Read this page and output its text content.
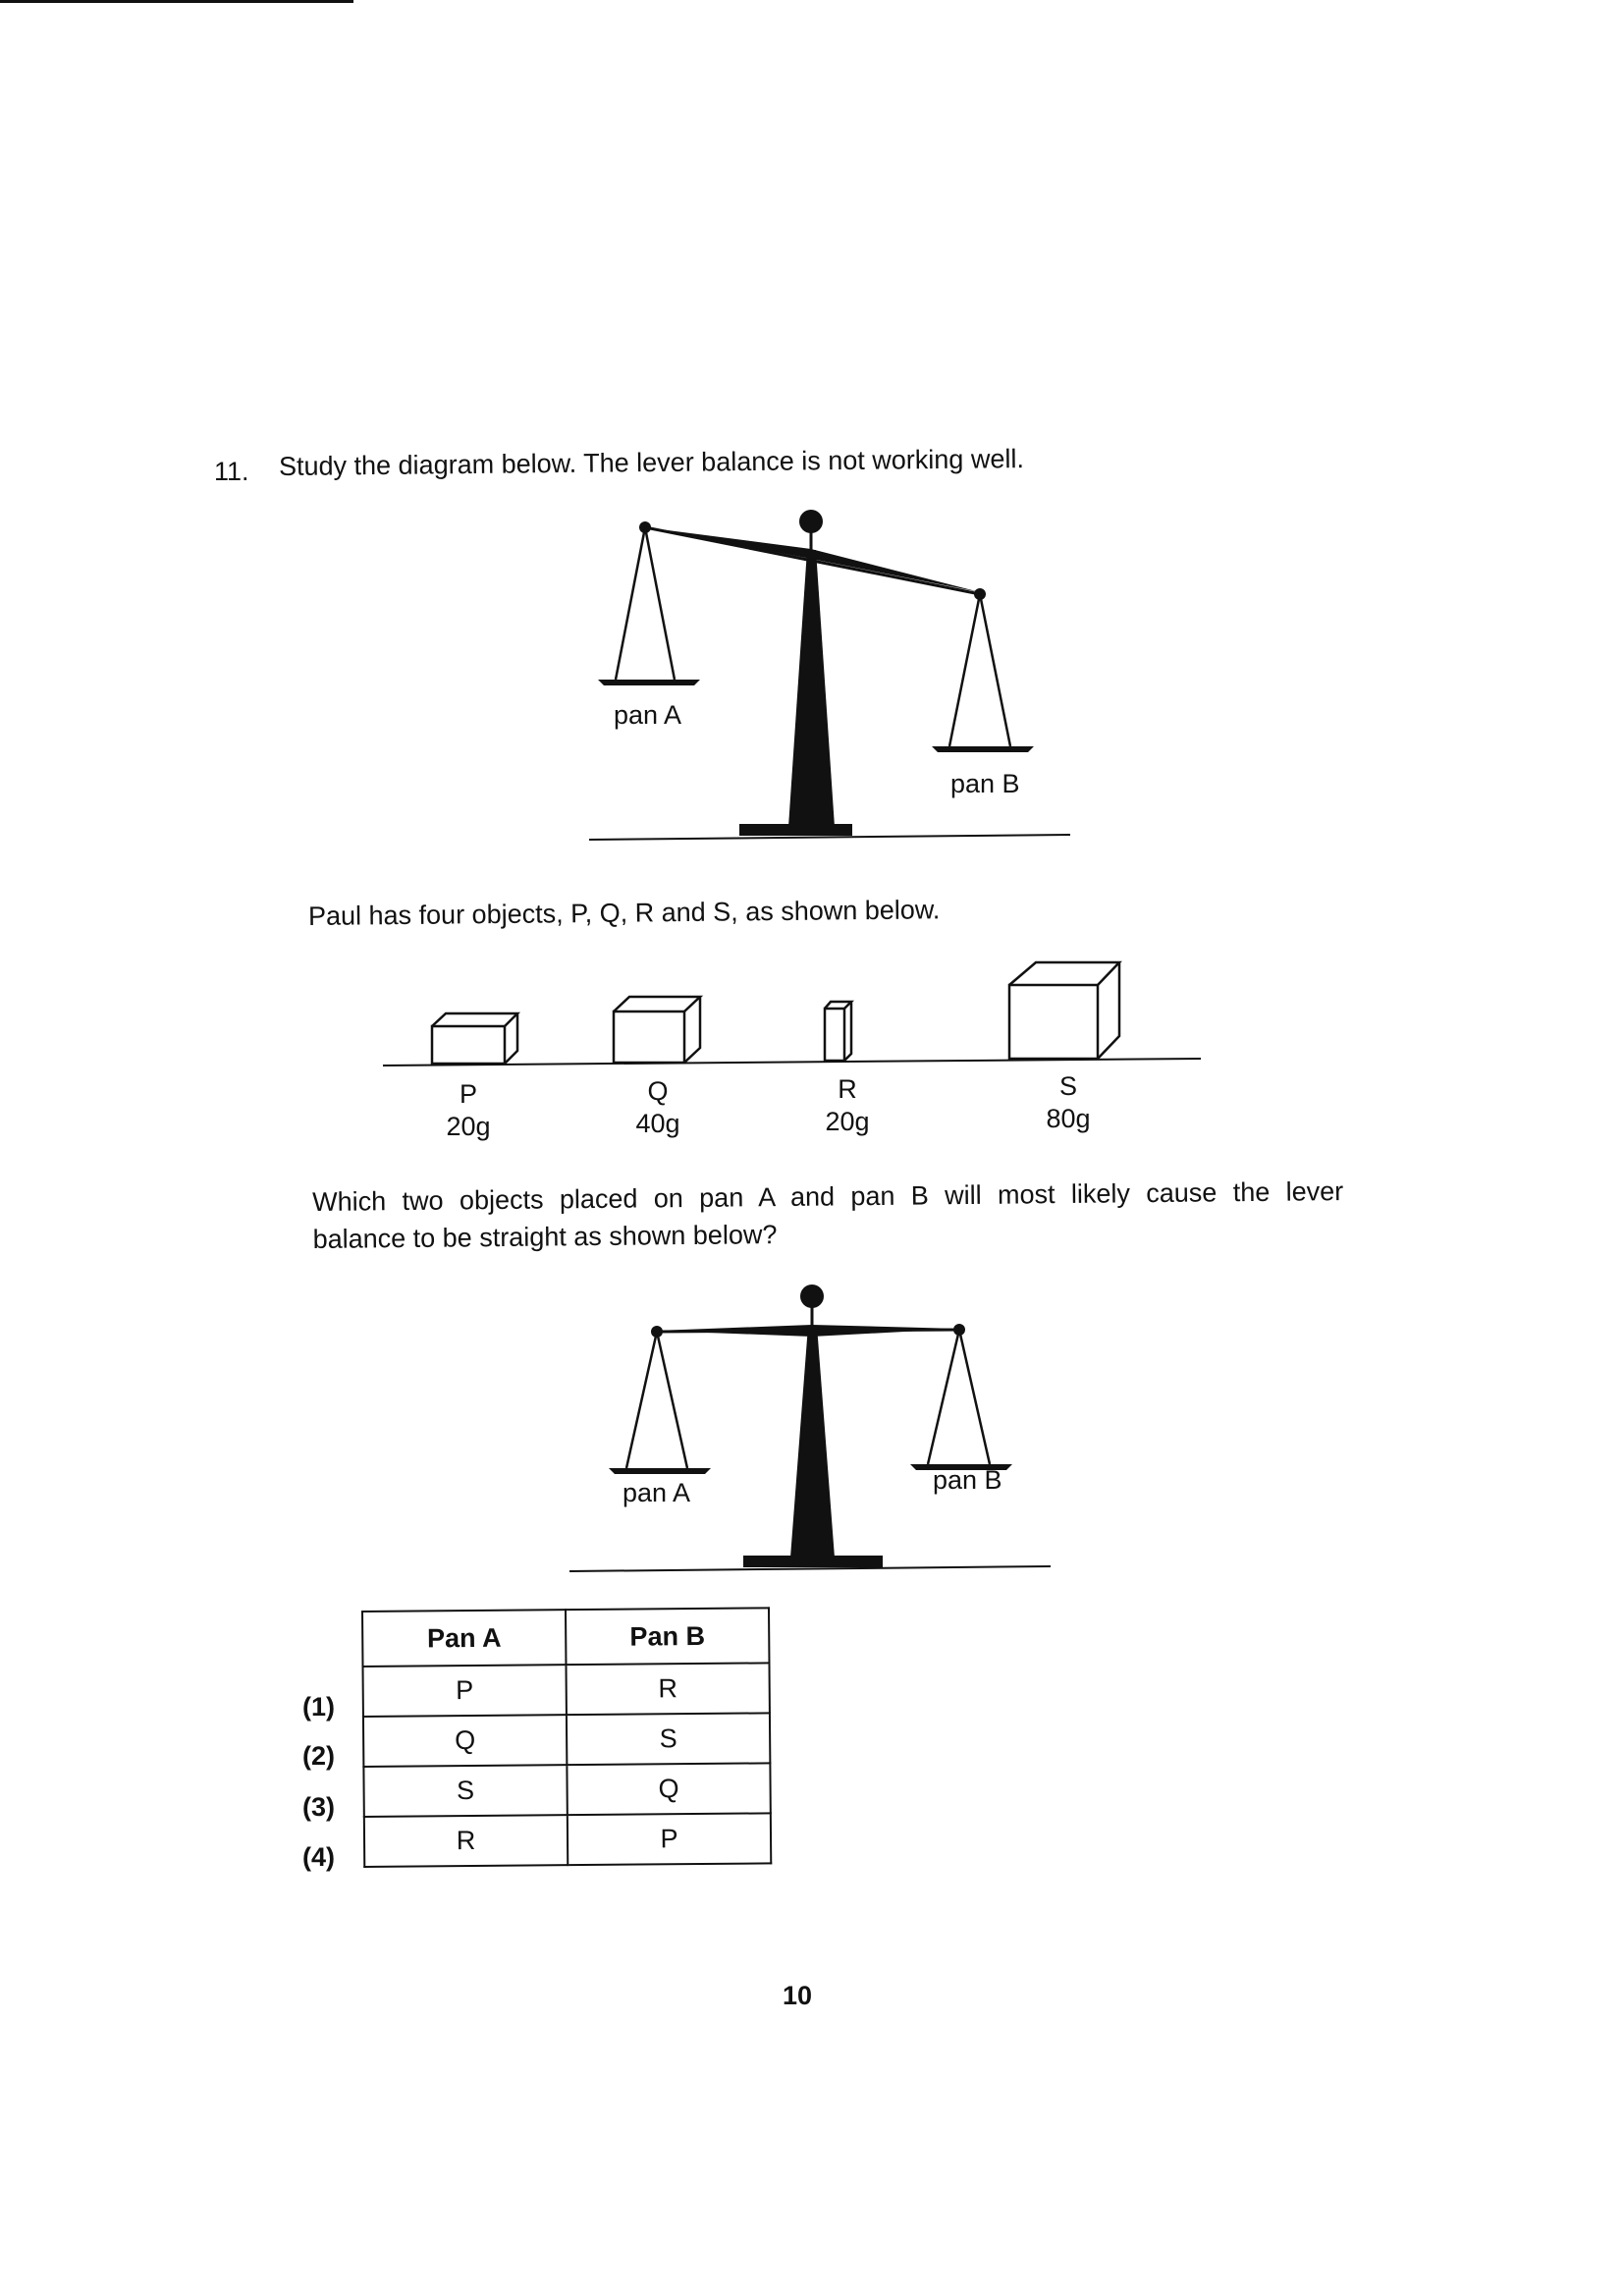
11. Study the diagram below. The lever balance is not working well.
pan A
pan B
Paul has four objects, P, Q, R and S, as shown below.
P
20g
Q
40g
R
20g
S
80g
Which two objects placed on pan A and pan B will most likely cause the lever
balance to be straight as shown below?
pan A	pan B
Pan A	Pan B
P	R
Q	S
S	Q
R	P
(1)
(2)
(3)
(4)
10
